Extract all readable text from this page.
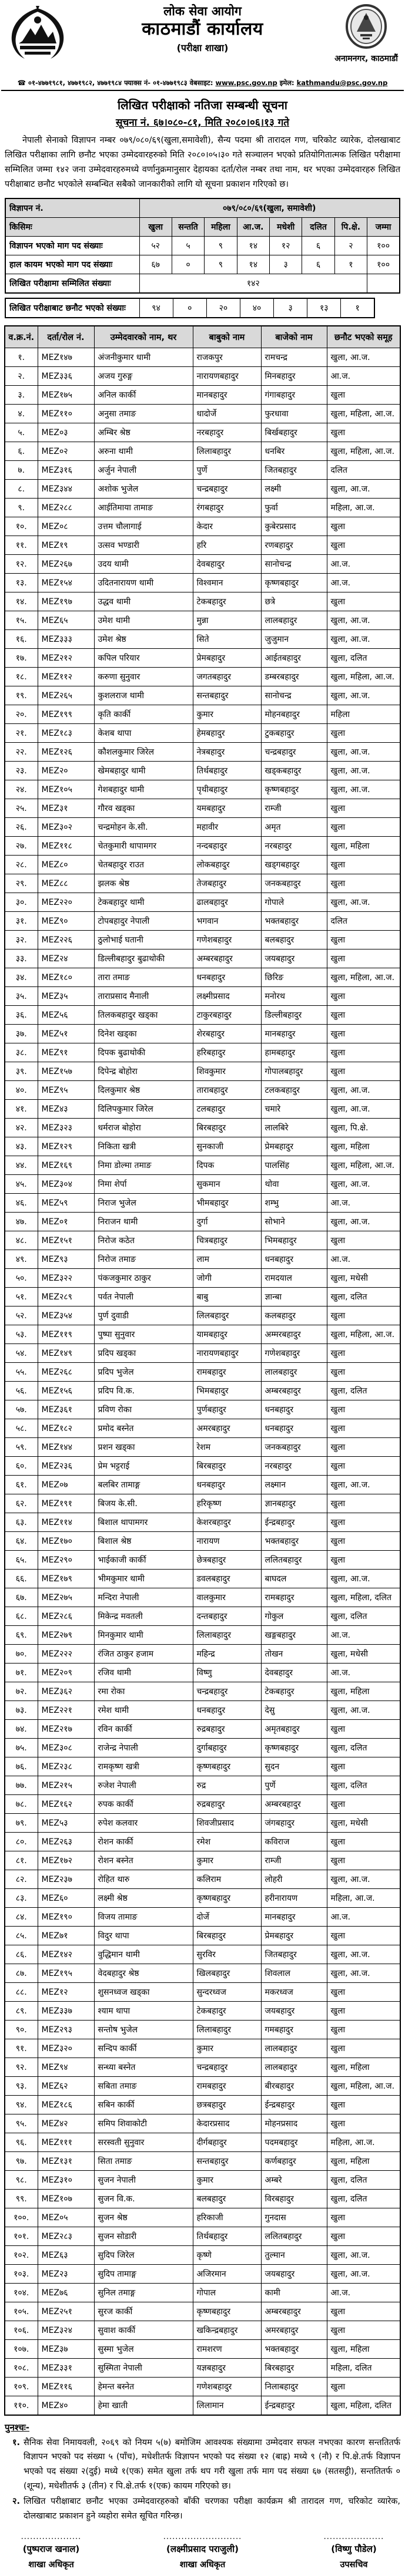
लोक सेवा आयोग
काठमाडौं कार्यालय
(परीक्षा शाखा)
अनामनगर, काठमाडौं
☎ ०१-४७७१९८१, ४७७१९८२, ४७७१९८४ फ्याक्स नं- ०१-४७७१९८३ वेबसाइट: www.psc.gov.np इमेल: kathmandu@psc.gov.np
लिखित परीक्षाको नतिजा सम्बन्धी सूचना
सूचना नं. ६७।०८०-८१, मिति २०८०।०६।१३ गते
नेपाली सेनाको विज्ञापन नम्बर ०७९/०८०/६९(खुला,समावेशी), सैन्य पदमा श्री तारादल गण, चरिकोट व्यारेक, दोलखाबाट लिखित परीक्षाका लागि छनौट भएका उम्मेदवारहरुको मिति २०८०।०५।३० गते सञ्चालन भएको प्रतियोगितात्मक लिखित परीक्षामा सम्मिलित जम्मा १४२ जना उम्मेदवारहरुमध्ये वर्णानुक्रमानुसार देहायका दर्ता/रोल नम्बर तथा नाम, थर भएका उम्मेदवारहरु लिखित परीक्षाबाट छनौट भएकोले सम्बन्धित सबैको जानकारीको लागि यो सूचना प्रकाशन गरिएको छ।
विज्ञापन नं.	०७९/०८०/६९(खुला, समावेशी)							
किसिमः	खुला	सन्तति	महिला	आ.ज.	मधेशी	दलित	पि.क्षे.	जम्मा
विज्ञापन भएको माग पद संख्याः	५२	५	९	१४	१२	६	२	१००
हाल कायम भएको माग पद संख्याः	६७	०	९	१४	३	६	१	१००
लिखित परीक्षामा सम्मिलित संख्याः	१४२							
लिखित परीक्षाबाट छनौट भएको संख्याः	९४	०	२०	४०	३	१३	१
व.क्र.नं.	दर्ता/रोल नं.	उम्मेदवारको नाम, थर	बाबुको नाम	बाजेको नाम	छनौट भएको समूह
१.	MEZ१४७	अंजनीकुमार धामी	राजकपुर	रामचन्द्र	खुला, आ.ज.
२.	MEZ३३६	अजय गुरुङ्ग	नारायणबहादुर	मिनबहादुर	आ.ज.
३.	MEZ१७५	अनिल कार्की	मानबहादुर	गंगाबहादुर	खुला
४.	MEZ११०	अनुसा तमाङ	धादोर्जे	फुरधावा	खुला, महिला, आ.ज.
५.	MEZ०३	अम्बिर श्रेष्ठ	नरबहादुर	बिर्खबहादुर	खुला
६.	MEZ०२	अरुना थामी	लिलाबहादुर	धनबिर	खुला, महिला, आ.ज.
७.	MEZ३१६	अर्जुन नेपाली	पुर्णे	जितबहादुर	दलित
८.	MEZ३४४	अशोक भुजेल	चन्द्रबहादुर	लक्ष्मी	खुला, आ.ज.
९.	MEZ२८८	आईतिमाया तामाङ	रंगबहादुर	फुर्वा	महिला, आ.ज.
१०.	MEZ०८	उत्तम चौलागाई	केदार	कुबेरप्रसाद	खुला
११.	MEZ१९	उत्सव भण्डारी	हरि	रणबहादुर	खुला
१२.	MEZ२६७	उदय थामी	देवबहादुर	सानोचन्द्र	आ.ज.
१३.	MEZ१५४	उदितनारायण थामी	विश्वमान	कृष्णबहादुर	आ.ज.
१४.	MEZ१९७	उद्धव थामी	टेकबहादुर	छत्रे	खुला
१५.	MEZ६५	उमेश थामी	मुन्ना	लालबहादुर	खुला, आ.ज.
१६.	MEZ३३३	उमेश श्रेष्ठ	सिते	जुजुमान	खुला, आ.ज.
१७.	MEZ२१२	कपिल परियार	प्रेमबहादुर	आईतबहादुर	खुला, दलित
१८.	MEZ११२	करुणा सुनुवार	जगतबहादुर	डम्बरबहादुर	खुला, महिला, आ.ज.
१९.	MEZ२६५	कुशलराज थामी	सन्तबहादुर	सानोचन्द्र	खुला, आ.ज.
२०.	MEZ१९९	कृति कार्की	कुमार	मोहनबहादुर	महिला
२१.	MEZ१८३	केशब थापा	हेमबहादुर	टुकबहादुर	खुला
२२.	MEZ१२६	कौशलकुमार जिरेल	नेत्रबहादुर	चन्द्रबहादुर	खुला, आ.ज.
२३.	MEZ२०	खेमबहादुर थामी	तिर्थबहादुर	खड्कबहादुर	खुला, आ.ज.
२४.	MEZ१०५	गेशबहादुर थामी	पृथीबहादुर	कृष्णबहादुर	खुला, आ.ज.
२५.	MEZ३१	गौरव खड्का	यमबहादुर	राम्जी	खुला
२६.	MEZ३०२	चन्द्रमोहन के.सी.	महावीर	अमृत	खुला
२७.	MEZ११८	चेतकुमारी थापामगर	नन्दबहादुर	नरबहादुर	खुला, महिला
२८.	MEZ८०	चेतबहादुर राउत	लोकबहादुर	खड्गबहादुर	खुला
२९.	MEZ८८	झलक श्रेष्ठ	तेजबहादुर	जनकबहादुर	खुला
३०.	MEZ२२०	टेकबहादुर थामी	ढालबहादुर	गोपाले	खुला, आ.ज.
३१.	MEZ९०	टोपबहादुर नेपाली	भगवान	भक्तबहादुर	दलित
३२.	MEZ२२६	ठुलोभाई घतानी	गणेशबहादुर	बलबहादुर	खुला
३३.	MEZ२४	डिल्लीबहादुर बुढाथोकी	अम्बरबहादुर	जयबहादुर	खुला
३४.	MEZ१८०	तारा तमाङ	धनबहादुर	छिरिङ	खुला, महिला, आ.ज.
३५.	MEZ३५	ताराप्रसाद मैनाली	लक्ष्मीप्रसाद	मनोरथ	खुला
३६.	MEZ५६	तिलकबहादुर खड्का	टाकुरबहादुर	डिल्लीबहादुर	खुला
३७.	MEZ५१	दिनेश खड्का	शेरबहादुर	मानबहादुर	खुला
३८.	MEZ९१	दिपक बुढाथोकी	हरिबहादुर	हामबहादुर	खुला
३९.	MEZ१५७	दिपेन्द्र बोहोरा	शिवकुमार	गोपालबहादुर	खुला
४०.	MEZ९५	दिलकुमार श्रेष्ठ	ताराबहादुर	टलकबहादुर	खुला, आ.ज.
४१.	MEZ४३	दिलिपकुमार जिरेल	टलबहादुर	चमारे	खुला, आ.ज.
४२.	MEZ३२३	धर्मराज बोहोरा	बिरबहादुर	लालबिरे	खुला, पि.क्षे.
४३.	MEZ१२९	निकिता खत्री	सुनकाजी	प्रेमबहादुर	खुला, महिला
४४.	MEZ१६९	निमा डोल्मा तमाङ	दिपक	पालसिंह	खुला, महिला, आ.ज.
४५.	MEZ३०४	निमा शेर्पा	सुकमान	थोवा	खुला, आ.ज.
४६.	MEZ५९	निराज भुजेल	भीमबहादुर	शम्भु	आ.ज.
४७.	MEZ०१	निराजन थामी	दुर्गा	सोभाने	खुला, आ.ज.
४८.	MEZ१५१	निरोज कठेत	चित्रबहादुर	भिमबहादुर	खुला
४९.	MEZ९३	निरोज तमाङ	लाम	धनबहादुर	आ.ज.
५०.	MEZ३२२	पंकजकुमार ठाकुर	जोगी	रामदयाल	खुला, मधेसी
५१.	MEZ२८९	पर्वत नेपाली	बाबु	ज्ञान्बा	खुला, दलित
५२.	MEZ३५४	पुर्ण दुवाडी	लिलबहादुर	कलबहादुर	खुला
५३.	MEZ११९	पुष्पा सुनुवार	यामबहादुर	अम्मरबहादुर	खुला, महिला, आ.ज.
५४.	MEZ१४९	प्रदिप खड्का	नारायणबहादुर	गणेशबहादुर	खुला
५५.	MEZ२६८	प्रदिप भुजेल	रामबहादुर	लालबहादुर	खुला
५६.	MEZ१५६	प्रदिप वि.क.	भिमबहादुर	अम्बरबहादुर	खुला, दलित
५७.	MEZ३६१	प्रविण रोका	पुर्णबहादुर	धनबहादुर	खुला
५८.	MEZ१८२	प्रमोद बस्नेत	अमरबहादुर	धनबहादुर	खुला
५९.	MEZ१४४	प्रशन खड्का	रेशम	जनकबहादुर	खुला
६०.	MEZ२३६	प्रेम भट्टराई	बिरबहादुर	नरबहादुर	खुला
६१.	MEZ०७	बलबिर तामाङ्ग	धनबहादुर	लक्ष्मान	खुला, आ.ज.
६२.	MEZ१९१	बिजय के.सी.	हरिकृष्ण	ज्ञानबहादुर	खुला
६३.	MEZ११४	बिशाल थापामगर	केशरबहादुर	ईन्द्रबहादुर	खुला
६४.	MEZ१७०	बिशाल श्रेष्ठ	नारायण	भक्तबहादुर	खुला
६५.	MEZ२९०	भाईकाजी कार्की	छेत्रबहादुर	ललितबहादुर	खुला
६६.	MEZ१७९	भीमकुमार थामी	डवलबहादुर	बाघदल	खुला, आ.ज.
६७.	MEZ२७५	मन्दिरा नेपाली	वालकुमार	रामबहादुर	खुला, महिला, दलित
६८.	MEZ२८६	मिकेन्द्र मवतली	दन्तबहादुर	गोकुल	खुला, दलित
६९.	MEZ२७९	मिनकुमार थामी	लिलाबहादुर	खङ्गबहादुर	आ.ज.
७०.	MEZ२२२	रंजित ठाकुर हजाम	महिन्द्र	तोखन	खुला, मधेसी
७१.	MEZ२०९	रजिव थामी	विष्णु	देवबहादुर	आ.ज.
७२.	MEZ३६२	रमा रोका	चन्द्रबहादुर	टेकबहादुर	खुला, महिला
७३.	MEZ२२१	रमेश थामी	धनबहादुर	देसु	खुला, आ.ज.
७४.	MEZ२१७	रविन कार्की	रुद्रबहादुर	अमृतबहादुर	खुला
७५.	MEZ३०८	राजेन्द्र नेपाली	दुर्गाबहादुर	कृष्णबहादुर	खुला, दलित
७६.	MEZ२३८	रामकृष्ण खत्री	कृष्णबहादुर	सुदन	खुला
७७.	MEZ२१५	रुजेश नेपाली	रुद्र	पुर्णे	खुला, दलित
७८.	MEZ१६२	रुपक कार्की	रुद्रबहादुर	अम्बरबहादुर	खुला
७९.	MEZ५३	रुपेश कलवार	शिवजीप्रसाद	जंगबहादुर	खुला, मधेसी
८०.	MEZ२६३	रोशन कार्की	रमेश	कविराज	खुला
८१.	MEZ१७२	रोशन बस्नेत	कुमार	राम्जी	खुला
८२.	MEZ२३७	रोहित थारु	कलिराम	लोहरी	खुला, आ.ज.
८३.	MEZ६०	लक्ष्मी श्रेष्ठ	कृष्णबहादुर	हरीनारायण	महिला, आ.ज.
८४.	MEZ१९०	विजय तामाङ	दोर्जे	मानबहादुर	आ.ज.
८५.	MEZ७१	विदुर थापा	बिरबहादुर	प्रेमबहादुर	खुला
८६.	MEZ१४२	वुद्धिमान थामी	सुरविर	जितबहादुर	खुला, आ.ज.
८७.	MEZ१९५	वेदबहादुर श्रेष्ठ	खिलबहादुर	शिवलाल	खुला, आ.ज.
८८.	MEZ१२	शुसनध्वज खड्का	सुन्दरध्वज	मकरध्वज	खुला
८९.	MEZ३३७	श्याम थापा	टेकबहादुर	जयबहादुर	खुला
९०.	MEZ२९३	सन्तोष भुजेल	लिलाबहादुर	गमबहादुर	खुला
९१.	MEZ३२०	सन्दिप कार्की	कुमार	लालबहादुर	खुला
९२.	MEZ९४	सन्ध्या बस्नेत	चन्द्रबहादुर	लालबहादुर	खुला, महिला
९३.	MEZ६२	सबिता तमाङ	रामबहादुर	बीरबहादुर	खुला, महिला, आ.ज.
९४.	MEZ१८६	सबिन कार्की	छत्रबहादुर	ईन्द्रबहादुर	खुला
९५.	MEZ४२	समिप शिवाकोटी	केदारप्रसाद	मोहनप्रसाद	खुला
९६.	MEZ१११	सरस्वती सुनुवार	दीर्गबहादुर	पदमबहादुर	महिला, आ.ज.
९७.	MEZ१३१	सिता तमाङ	सन्तबहादुर	कर्णबहादुर	खुला, महिला
९८.	MEZ३१०	सुजन नेपाली	कुमार	अम्बरे	खुला, दलित
९९.	MEZ१०७	सुजन वि.क.	बलबहादुर	विरबहादुर	खुला, दलित
१००.	MEZ०५	सुजन श्रेष्ठ	हरिकाजी	गुनदास	खुला
१०१.	MEZ२८३	सुजन सोडारी	तिर्थबहादुर	ललितबहादुर	खुला
१०२.	MEZ६३	सुदिप जिरेल	कृष्णे	तुल्मान	खुला, आ.ज.
१०३.	MEZ२३	सुदिप तामाङ्ग	अजिरमान	जयबहादुर	खुला, आ.ज.
१०४.	MEZ७६	सुनिल तमाङ्ग	गोपाल	कामी	आ.ज.
१०५.	MEZ२५१	सुरज कार्की	कृष्णबहादुर	अम्बरबहादुर	खुला
१०६.	MEZ३२४	सुवाश कार्की	खकिन्द्रबहादुर	अमरबहादुर	खुला
१०७.	MEZ३७	सुस्मा भुजेल	रामशरण	भक्तबहादुर	खुला, महिला
१०८.	MEZ३३१	सुस्मिता नेपाली	यज्ञबहादुर	बिरबहादुर	महिला, दलित
१०९.	MEZ११६	हेमन्त बस्नेत	गणेशबहादुर	निलाबहादुर	खुला
११०.	MEZ४०	हेमा खाती	लिलामान	ईन्द्रबहादुर	खुला, महिला, दलित
पुनश्चः-
१. सैनिक सेवा निमायवली, २०६९ को नियम ५(७) बमोजिम आवश्यक संख्यामा उम्मेदवार सफल नभएका कारण सन्ततितर्फ विज्ञापन भएको पद संख्या ५ (पाँच), मधेशीतर्फ विज्ञापन भएको पद संख्या १२ (बाह्र) मध्ये ९ (नौ) र पि.क्षे.तर्फ विज्ञापन भएको पद संख्या २(दुई) मध्ये १(एक) समेत खुला तर्फ थप गरी खुला तर्फ माग पद संख्या ६७ (सतसट्ठी), सन्ततितर्फ ० (शून्य), मधेशीतर्फ ३ (तीन) र पि.क्षे.तर्फ १(एक) कायम गरिएको छ।
२. लिखित परीक्षाबाट छनौट भएका उम्मेदवारहरुको बाँकी चरणका परीक्षा कार्यक्रम श्री तारादल गण, चरिकोट व्यारेक, दोलखाबाट प्रकाशन हुने व्यहोरा समेत सूचित गरिन्छ।
....................
(पुष्पराज खनाल)
शाखा अधिकृत
..........................
(लक्ष्मीप्रसाद पराजुली)
शाखा अधिकृत
....................
(विष्णु पौडेल)
उपसचिव
